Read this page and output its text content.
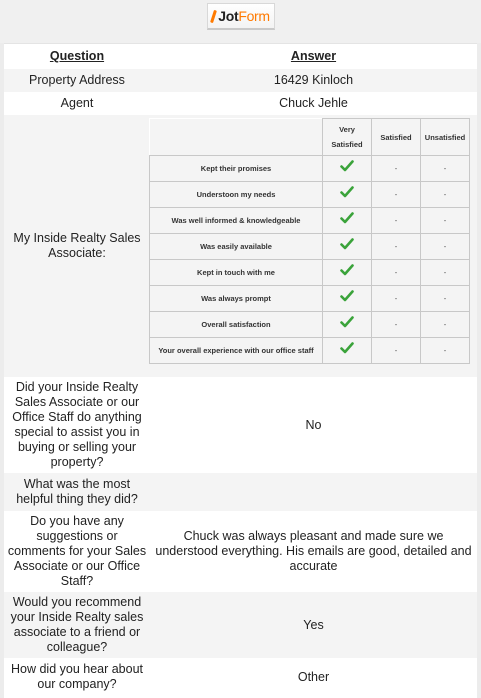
Jot Form
Question	Answer
Property Address	16429 Kinloch
Agent	Chuck Jehle
My Inside Realty Sales Associate:	
	Very Satisfied	Satisfied	Unsatisfied
Kept their promises		-	-
Understoon my needs		-	-
Was well informed & knowledgeable		-	-
Was easily available		-	-
Kept in touch with me		-	-
Was always prompt		-	-
Overall satisfaction		-	-
Your overall experience with our office staff		-	-

Did your Inside Realty Sales Associate or our Office Staff do anything special to assist you in buying or selling your property?	No
What was the most helpful thing they did?	
Do you have any suggestions or comments for your Sales Associate or our Office Staff?	Chuck was always pleasant and made sure we understood everything. His emails are good, detailed and accurate
Would you recommend your Inside Realty sales associate to a friend or colleague?	Yes
How did you hear about our company?	Other
